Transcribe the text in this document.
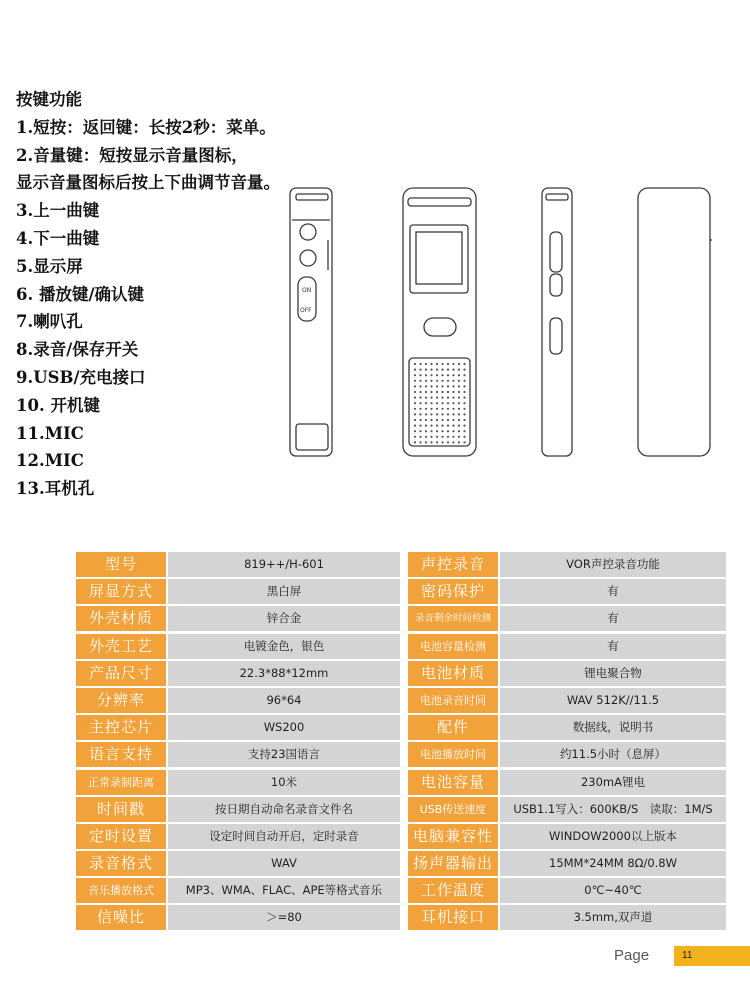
按键功能
1.短按：返回键：长按2秒：菜单。
2.音量键：短按显示音量图标，
显示音量图标后按上下曲调节音量。
3.上一曲键
4.下一曲键
5.显示屏
6. 播放键/确认键
7.喇叭孔
8.录音/保存开关
9.USB/充电接口
10. 开机键
11.MIC
12.MIC
13.耳机孔
ON
OFF
型号	819++/H-601	声控录音	VOR声控录音功能
屏显方式	黑白屏	密码保护	有
外壳材质	锌合金	录音剩余时间检测	有
外壳工艺	电镀金色，银色	电池容量检测	有
产品尺寸	22.3*88*12mm	电池材质	锂电聚合物
分辨率	96*64	电池录音时间	WAV 512K//11.5
主控芯片	WS200	配件	数据线，说明书
语言支持	支持23国语言	电池播放时间	约11.5小时（息屏）
正常录制距离	10米	电池容量	230mA锂电
时间戳	按日期自动命名录音文件名	USB传送速度	USB1.1写入：600KB/S　读取：1M/S
定时设置	设定时间自动开启，定时录音	电脑兼容性	WINDOW2000以上版本
录音格式	WAV	扬声器输出	15MM*24MM 8Ω/0.8W
音乐播放格式	MP3、WMA、FLAC、APE等格式音乐	工作温度	0℃~40℃
信噪比	＞=80	耳机接口	3.5mm,双声道
Page	11
